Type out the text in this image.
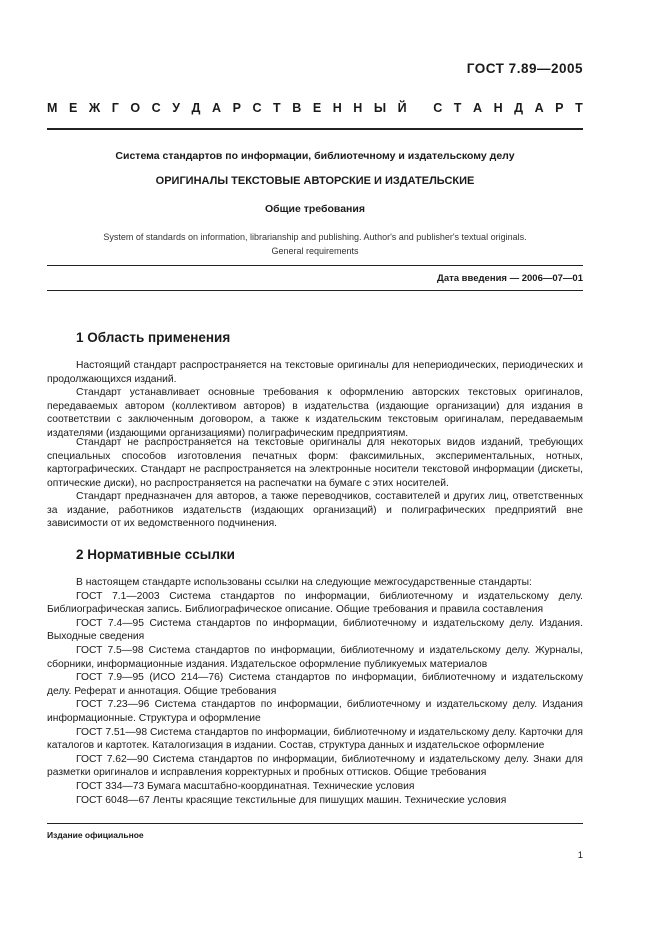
ГОСТ 7.89—2005
М Е Ж Г О С У Д А Р С Т В Е Н Н Ы Й
С Т А Н Д А Р Т
Система стандартов по информации, библиотечному и издательскому делу
ОРИГИНАЛЫ ТЕКСТОВЫЕ АВТОРСКИЕ И ИЗДАТЕЛЬСКИЕ
Общие требования
System of standards on information, librarianship and publishing. Author's and publisher's textual originals.
General requirements
Дата введения — 2006—07—01
1 Область применения

Настоящий стандарт распространяется на текстовые оригиналы для непериодических, периодических и продолжающихся изданий.

Стандарт устанавливает основные требования к оформлению авторских текстовых оригиналов, передаваемых автором (коллективом авторов) в издательства (издающие организации) для издания в соответствии с заключенным договором, а также к издательским текстовым оригиналам, передаваемым издателями (издающими организациями) полиграфическим предприятиям.

Стандарт не распространяется на текстовые оригиналы для некоторых видов изданий, требующих специальных способов изготовления печатных форм: факсимильных, экспериментальных, нотных, картографических. Стандарт не распространяется на электронные носители текстовой информации (дискеты, оптические диски), но распространяется на распечатки на бумаге с этих носителей.

Стандарт предназначен для авторов, а также переводчиков, составителей и других лиц, ответственных за издание, работников издательств (издающих организаций) и полиграфических предприятий вне зависимости от их ведомственного подчинения.

2 Нормативные ссылки
В настоящем стандарте использованы ссылки на следующие межгосударственные стандарты:
ГОСТ 7.1—2003 Система стандартов по информации, библиотечному и издательскому делу. Библиографическая запись. Библиографическое описание. Общие требования и правила составления
ГОСТ 7.4—95 Система стандартов по информации, библиотечному и издательскому делу. Издания. Выходные сведения
ГОСТ 7.5—98 Система стандартов по информации, библиотечному и издательскому делу. Журналы, сборники, информационные издания. Издательское оформление публикуемых материалов
ГОСТ 7.9—95 (ИСО 214—76) Система стандартов по информации, библиотечному и издательскому делу. Реферат и аннотация. Общие требования
ГОСТ 7.23—96 Система стандартов по информации, библиотечному и издательскому делу. Издания информационные. Структура и оформление
ГОСТ 7.51—98 Система стандартов по информации, библиотечному и издательскому делу. Карточки для каталогов и картотек. Каталогизация в издании. Состав, структура данных и издательское оформление
ГОСТ 7.62—90 Система стандартов по информации, библиотечному и издательскому делу. Знаки для разметки оригиналов и исправления корректурных и пробных оттисков. Общие требования
ГОСТ 334—73 Бумага масштабно-координатная. Технические условия
ГОСТ 6048—67 Ленты красящие текстильные для пишущих машин. Технические условия
Издание официальное
1
